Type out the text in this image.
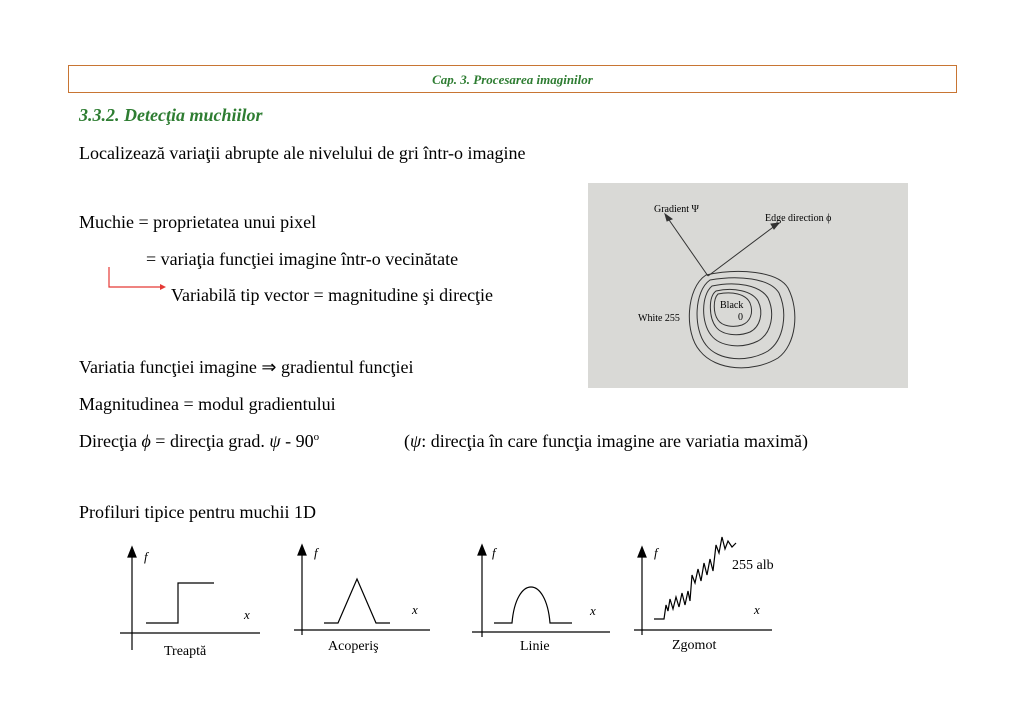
Cap. 3. Procesarea imaginilor
3.3.2. Detecţia muchiilor
Localizează variaţii abrupte ale nivelului de gri într-o imagine
Muchie = proprietatea unui pixel
= variaţia funcţiei imagine într-o vecinătate
Variabilă tip vector = magnitudine şi direcţie
Variatia funcţiei imagine ⇒ gradientul funcţiei
Magnitudinea = modul gradientului
Direcţia ϕ = direcţia grad. ψ - 90$^o$	(ψ: direcţia în care funcţia imagine are variatia maximă)
Profiluri tipice pentru muchii 1D
Gradient Ψ
Edge direction ϕ
White 255
Black
0
f
x
Treaptă
f
x
Acoperiş
f
x
Linie
f
x
255 alb
Zgomot
